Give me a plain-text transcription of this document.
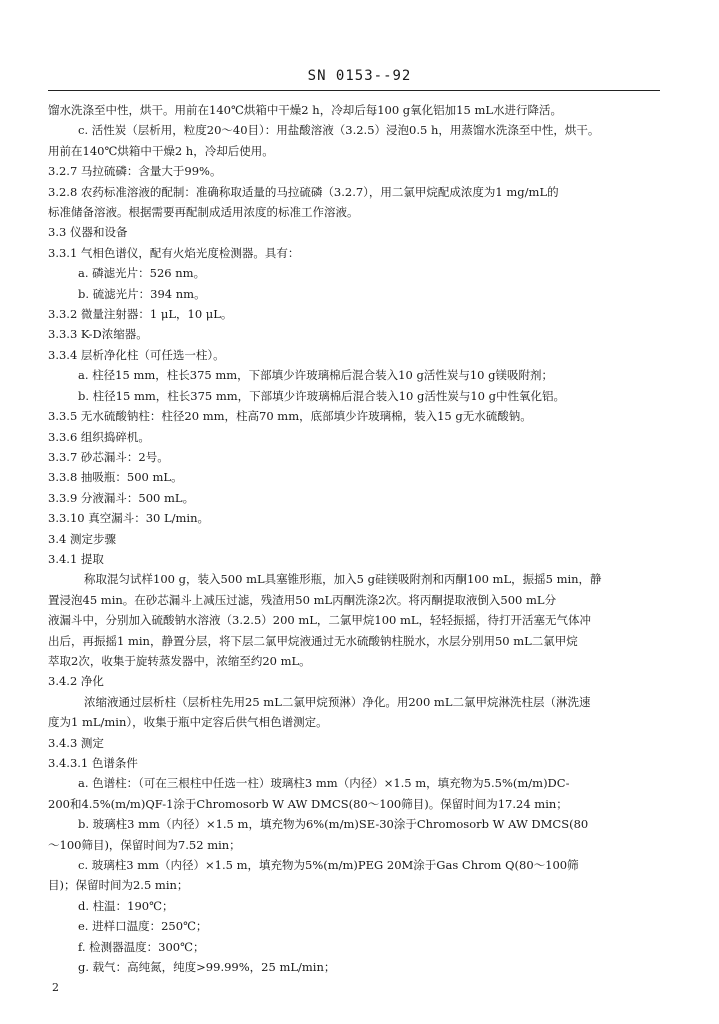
SN 0153--92
馏水洗涤至中性，烘干。用前在140℃烘箱中干燥2 h，冷却后每100 g氧化铝加15 mL水进行降活。
c. 活性炭（层析用，粒度20～40目）：用盐酸溶液（3.2.5）浸泡0.5 h，用蒸馏水洗涤至中性，烘干。
用前在140℃烘箱中干燥2 h，冷却后使用。
3.2.7 马拉硫磷：含量大于99%。
3.2.8 农药标准溶液的配制：准确称取适量的马拉硫磷（3.2.7），用二氯甲烷配成浓度为1 mg/mL的
标准储备溶液。根据需要再配制成适用浓度的标准工作溶液。
3.3 仪器和设备
3.3.1 气相色谱仪，配有火焰光度检测器。具有：
a. 磷滤光片：526 nm。
b. 硫滤光片：394 nm。
3.3.2 微量注射器：1 μL，10 μL。
3.3.3 K-D浓缩器。
3.3.4 层析净化柱（可任选一柱）。
a. 柱径15 mm，柱长375 mm，下部填少许玻璃棉后混合装入10 g活性炭与10 g镁吸附剂；
b. 柱径15 mm，柱长375 mm，下部填少许玻璃棉后混合装入10 g活性炭与10 g中性氧化铝。
3.3.5 无水硫酸钠柱：柱径20 mm，柱高70 mm，底部填少许玻璃棉，装入15 g无水硫酸钠。
3.3.6 组织捣碎机。
3.3.7 砂芯漏斗：2号。
3.3.8 抽吸瓶：500 mL。
3.3.9 分液漏斗：500 mL。
3.3.10 真空漏斗：30 L/min。
3.4 测定步骤
3.4.1 提取
称取混匀试样100 g，装入500 mL具塞锥形瓶，加入5 g硅镁吸附剂和丙酮100 mL，振摇5 min，静
置浸泡45 min。在砂芯漏斗上减压过滤，残渣用50 mL丙酮洗涤2次。将丙酮提取液倒入500 mL分
液漏斗中，分别加入硫酸钠水溶液（3.2.5）200 mL，二氯甲烷100 mL，轻轻振摇，待打开活塞无气体冲
出后，再振摇1 min，静置分层，将下层二氯甲烷液通过无水硫酸钠柱脱水，水层分别用50 mL二氯甲烷
萃取2次，收集于旋转蒸发器中，浓缩至约20 mL。
3.4.2 净化
浓缩液通过层析柱（层析柱先用25 mL二氯甲烷预淋）净化。用200 mL二氯甲烷淋洗柱层（淋洗速
度为1 mL/min），收集于瓶中定容后供气相色谱测定。
3.4.3 测定
3.4.3.1 色谱条件
a. 色谱柱：（可在三根柱中任选一柱）玻璃柱3 mm（内径）×1.5 m，填充物为5.5%(m/m)DC-
200和4.5%(m/m)QF-1涂于Chromosorb W AW DMCS(80～100筛目)。保留时间为17.24 min；
b. 玻璃柱3 mm（内径）×1.5 m，填充物为6%(m/m)SE-30涂于Chromosorb W AW DMCS(80
～100筛目)，保留时间为7.52 min；
c. 玻璃柱3 mm（内径）×1.5 m，填充物为5%(m/m)PEG 20M涂于Gas Chrom Q(80～100筛
目)；保留时间为2.5 min；
d. 柱温：190℃；
e. 进样口温度：250℃；
f. 检测器温度：300℃；
g. 载气：高纯氮，纯度>99.99%，25 mL/min；
2
